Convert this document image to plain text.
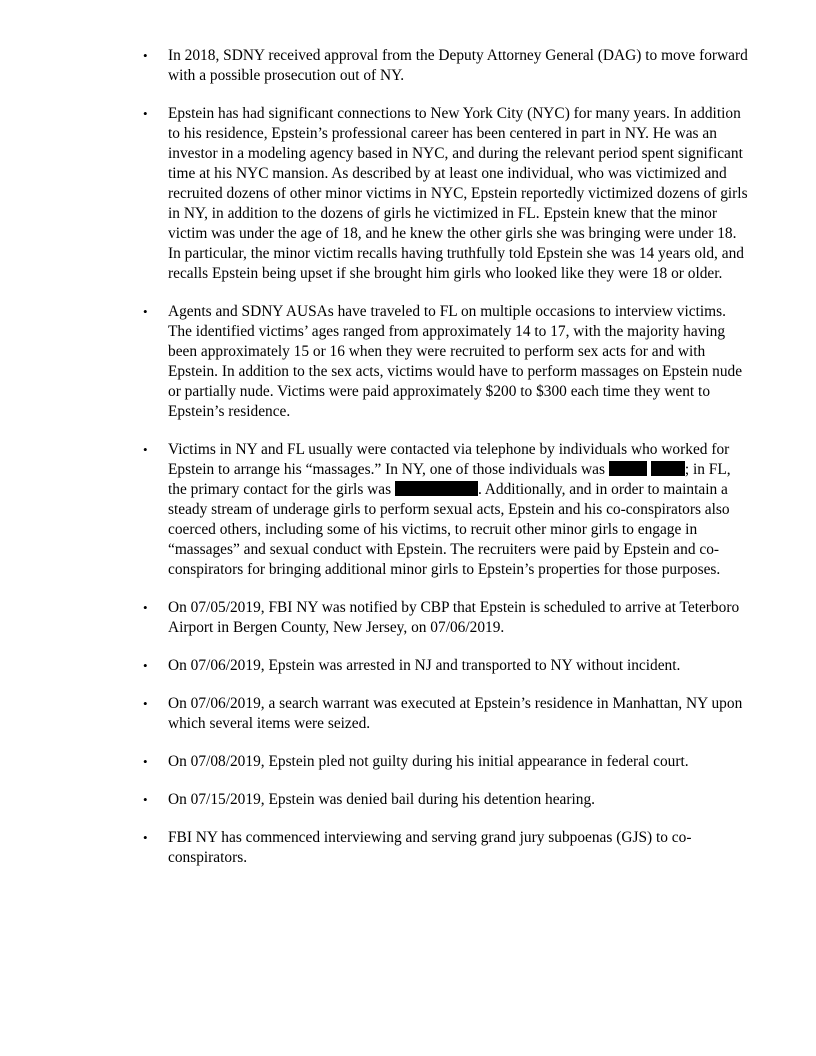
•	In 2018, SDNY received approval from the Deputy Attorney General (DAG) to move forward with a possible prosecution out of NY.
•	Epstein has had significant connections to New York City (NYC) for many years. In addition to his residence, Epstein’s professional career has been centered in part in NY. He was an investor in a modeling agency based in NYC, and during the relevant period spent significant time at his NYC mansion. As described by at least one individual, who was victimized and recruited dozens of other minor victims in NYC, Epstein reportedly victimized dozens of girls in NY, in addition to the dozens of girls he victimized in FL. Epstein knew that the minor victim was under the age of 18, and he knew the other girls she was bringing were under 18. In particular, the minor victim recalls having truthfully told Epstein she was 14 years old, and recalls Epstein being upset if she brought him girls who looked like they were 18 or older.
•	Agents and SDNY AUSAs have traveled to FL on multiple occasions to interview victims. The identified victims’ ages ranged from approximately 14 to 17, with the majority having been approximately 15 or 16 when they were recruited to perform sex acts for and with Epstein. In addition to the sex acts, victims would have to perform massages on Epstein nude or partially nude. Victims were paid approximately $200 to $300 each time they went to Epstein’s residence.
•	Victims in NY and FL usually were contacted via telephone by individuals who worked for Epstein to arrange his “massages.” In NY, one of those individuals was	; in FL, the primary contact for the girls was	. Additionally, and in order to maintain a steady stream of underage girls to perform sexual acts, Epstein and his co-conspirators also coerced others, including some of his victims, to recruit other minor girls to engage in “massages” and sexual conduct with Epstein. The recruiters were paid by Epstein and co-conspirators for bringing additional minor girls to Epstein’s properties for those purposes.
•	On 07/05/2019, FBI NY was notified by CBP that Epstein is scheduled to arrive at Teterboro Airport in Bergen County, New Jersey, on 07/06/2019.
•	On 07/06/2019, Epstein was arrested in NJ and transported to NY without incident.
•	On 07/06/2019, a search warrant was executed at Epstein’s residence in Manhattan, NY upon which several items were seized.
•	On 07/08/2019, Epstein pled not guilty during his initial appearance in federal court.
•	On 07/15/2019, Epstein was denied bail during his detention hearing.
•	FBI NY has commenced interviewing and serving grand jury subpoenas (GJS) to co-conspirators.
